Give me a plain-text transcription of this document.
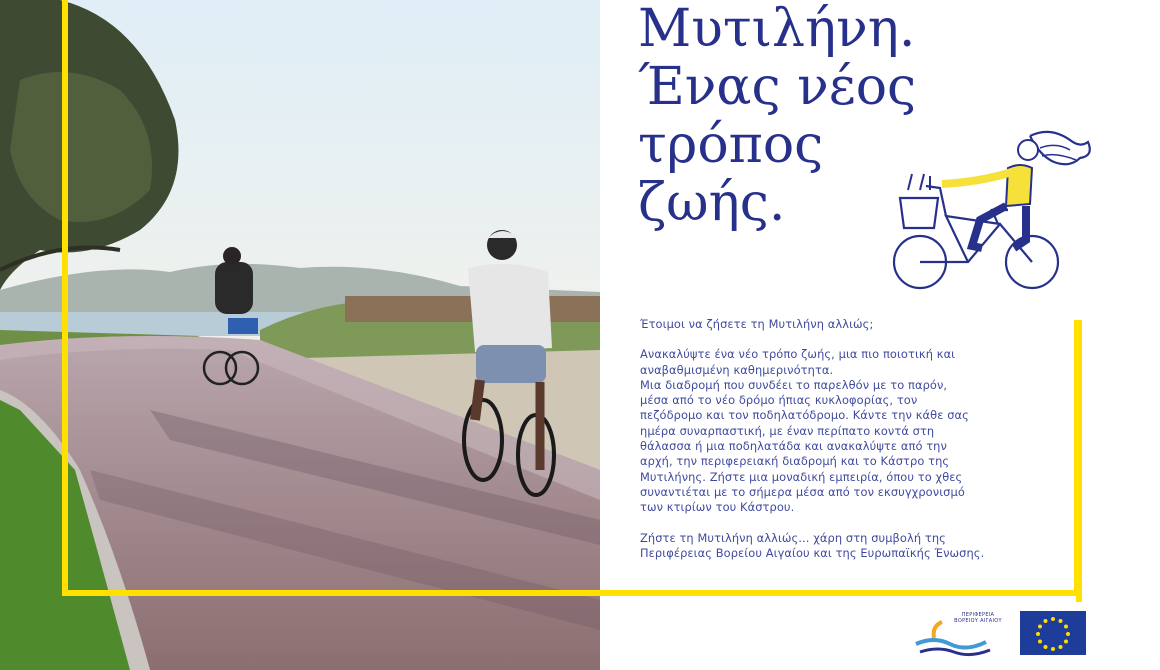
Μυτιλήνη.
Ένας νέος
τρόπος
ζωής.

Έτοιμοι να ζήσετε τη Μυτιλήνη αλλιώς;

Ανακαλύψτε ένα νέο τρόπο ζωής, μια πιο ποιοτική και
αναβαθμισμένη καθημερινότητα.
Μια διαδρομή που συνδέει το παρελθόν με το παρόν,
μέσα από το νέο δρόμο ήπιας κυκλοφορίας, τον
πεζόδρομο και τον ποδηλατόδρομο. Κάντε την κάθε σας
ημέρα συναρπαστική, με έναν περίπατο κοντά στη
θάλασσα ή μια ποδηλατάδα και ανακαλύψτε από την
αρχή, την περιφερειακή διαδρομή και το Κάστρο της
Μυτιλήνης. Ζήστε μια μοναδική εμπειρία, όπου το χθες
συναντιέται με το σήμερα μέσα από τον εκσυγχρονισμό
των κτιρίων του Κάστρου.

Ζήστε τη Μυτιλήνη αλλιώς... χάρη στη συμβολή της
Περιφέρειας Βορείου Αιγαίου και της Ευρωπαϊκής Ένωσης.

ΠΕΡΙΦΕΡΕΙΑ ΒΟΡΕΙΟΥ ΑΙΓΑΙΟΥ
